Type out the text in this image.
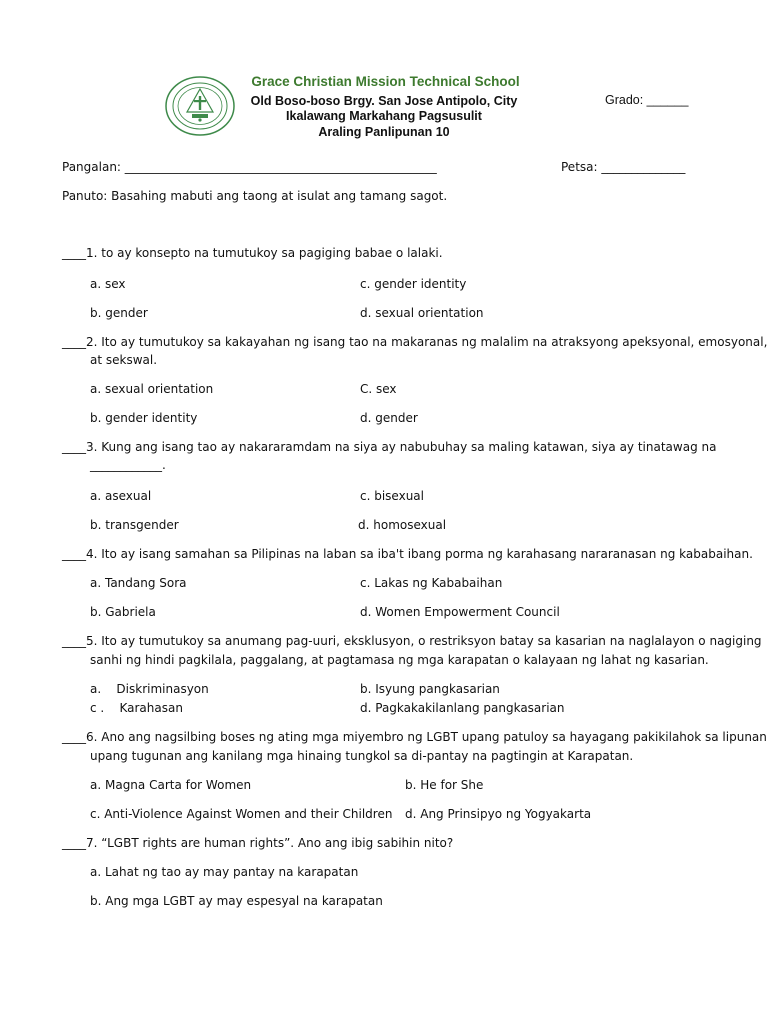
Grace Christian Mission Technical School
Old Boso-boso Brgy. San Jose Antipolo, City
Ikalawang Markahang Pagsusulit
Araling Panlipunan 10
Grado: ______
Pangalan: ____________________________________________________	Petsa: ______________
Panuto: Basahing mabuti ang taong at isulat ang tamang sagot.
____1. to ay konsepto na tumutukoy sa pagiging babae o lalaki.
a. sex	c. gender identity
b. gender	d. sexual orientation
____2. Ito ay tumutukoy sa kakayahan ng isang tao na makaranas ng malalim na atraksyong apeksyonal, emosyonal,
at sekswal.
a. sexual orientation	C. sex
b. gender identity	d. gender
____3. Kung ang isang tao ay nakararamdam na siya ay nabubuhay sa maling katawan, siya ay tinatawag na
____________.
a. asexual	c. bisexual
b. transgender	d. homosexual
____4. Ito ay isang samahan sa Pilipinas na laban sa iba't ibang porma ng karahasang nararanasan ng kababaihan.
a. Tandang Sora	c. Lakas ng Kababaihan
b. Gabriela	d. Women Empowerment Council
____5. Ito ay tumutukoy sa anumang pag-uuri, eksklusyon, o restriksyon batay sa kasarian na naglalayon o nagiging
sanhi ng hindi pagkilala, paggalang, at pagtamasa ng mga karapatan o kalayaan ng lahat ng kasarian.
a.    Diskriminasyon	b. Isyung pangkasarian
c .    Karahasan	d. Pagkakakilanlang pangkasarian
____6. Ano ang nagsilbing boses ng ating mga miyembro ng LGBT upang patuloy sa hayagang pakikilahok sa lipunan
upang tugunan ang kanilang mga hinaing tungkol sa di-pantay na pagtingin at Karapatan.
a. Magna Carta for Women	b. He for She
c. Anti-Violence Against Women and their Children d. Ang Prinsipyo ng Yogyakarta
____7. “LGBT rights are human rights”. Ano ang ibig sabihin nito?
a. Lahat ng tao ay may pantay na karapatan
b. Ang mga LGBT ay may espesyal na karapatan
